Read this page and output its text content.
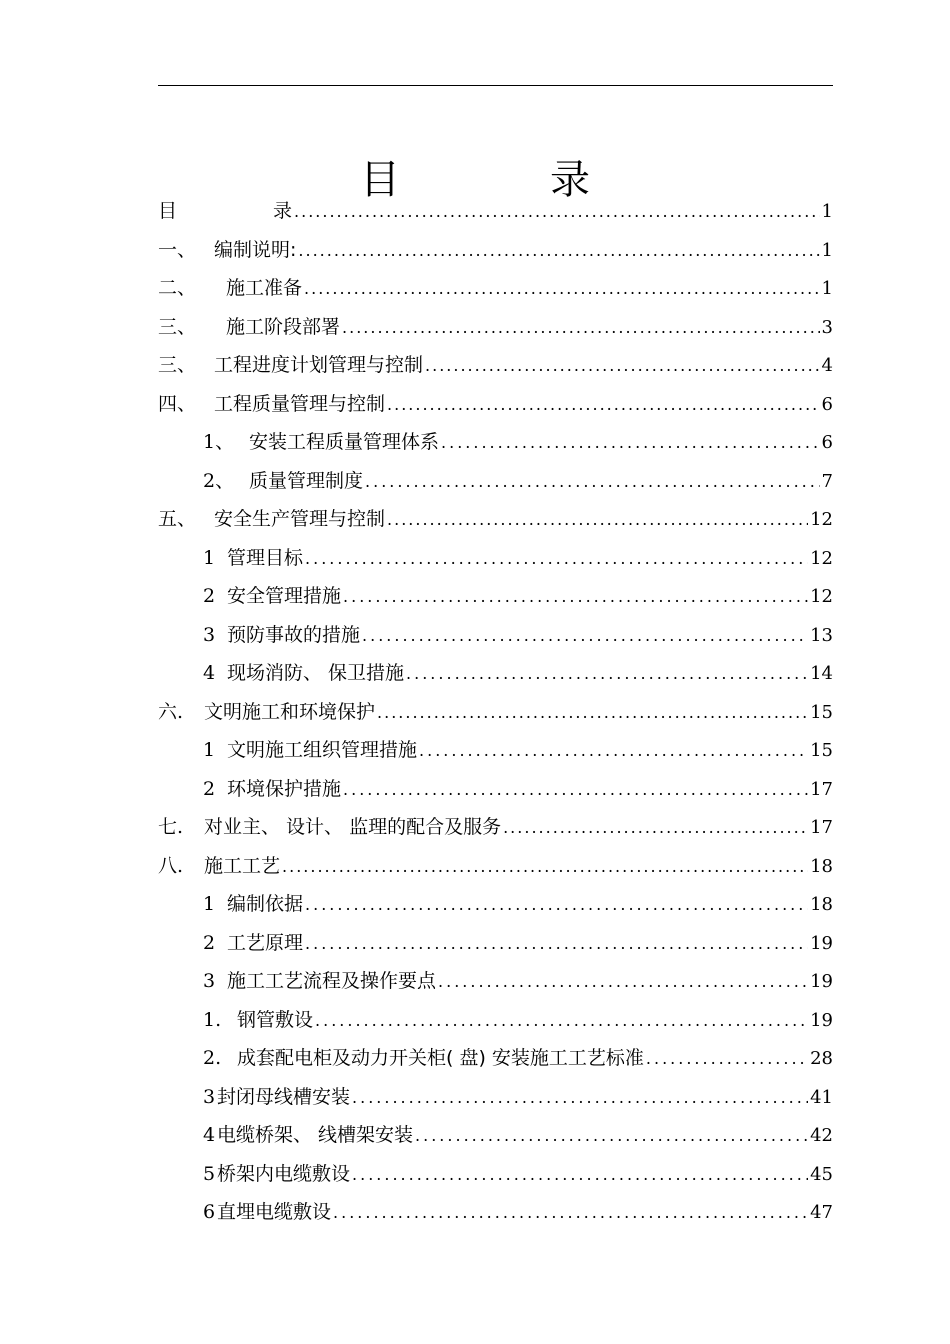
目	录
目	录 .....	1
一、 编制说明: .....	1
二、	施工准备 .....	1
三、	施工阶段部署 .....	3
三、 工程进度计划管理与控制 .....	4
四、 工程质量管理与控制 .....	6
1、 安装工程质量管理体系 .....	6
2、 质量管理制度 .....	7
五、 安全生产管理与控制 .....	12
1 管理目标 .....	12
2 安全管理措施 .....	12
3 预防事故的措施 .....	13
4 现场消防、 保卫措施 .....	14
六.	文明施工和环境保护 .....	15
1 文明施工组织管理措施 .....	15
2 环境保护措施 .....	17
七.	对业主、 设计、 监理的配合及服务 .....	17
八.	施工工艺 .....	18
1 编制依据 .....	18
2 工艺原理 .....	19
3 施工工艺流程及操作要点 .....	19
1. 钢管敷设 .....	19
2. 成套配电柜及动力开关柜( 盘) 安装施工工艺标准 .....	28
3 封闭母线槽安装 .....	41
4 电缆桥架、 线槽架安装 .....	42
5 桥架内电缆敷设 .....	45
6 直埋电缆敷设 .....	47
